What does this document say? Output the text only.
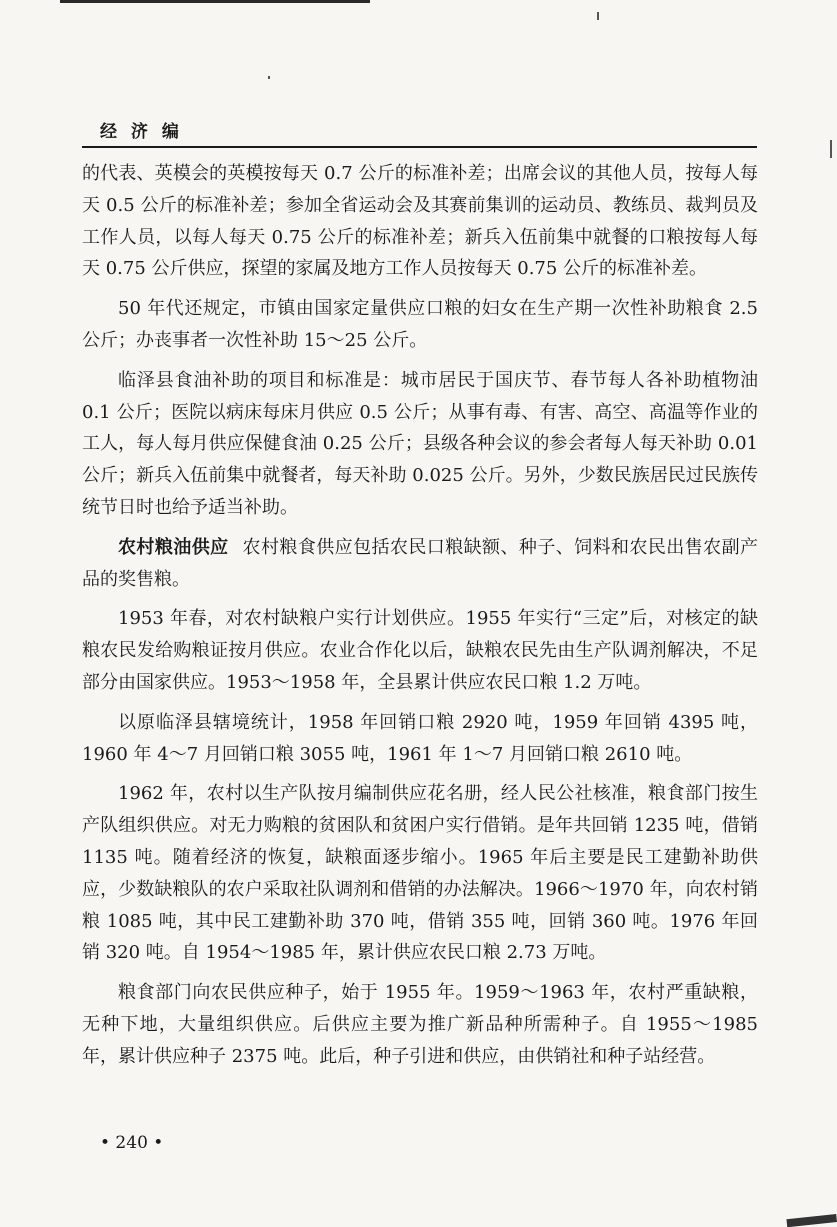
经 济 编

的代表、英模会的英模按每天 0.7 公斤的标准补差；出席会议的其他人员，按每人每天 0.5 公斤的标准补差；参加全省运动会及其赛前集训的运动员、教练员、裁判员及工作人员，以每人每天 0.75 公斤的标准补差；新兵入伍前集中就餐的口粮按每人每天 0.75 公斤供应，探望的家属及地方工作人员按每天 0.75 公斤的标准补差。

50 年代还规定，市镇由国家定量供应口粮的妇女在生产期一次性补助粮食 2.5 公斤；办丧事者一次性补助 15～25 公斤。

临泽县食油补助的项目和标准是：城市居民于国庆节、春节每人各补助植物油 0.1 公斤；医院以病床每床月供应 0.5 公斤；从事有毒、有害、高空、高温等作业的工人，每人每月供应保健食油 0.25 公斤；县级各种会议的参会者每人每天补助 0.01 公斤；新兵入伍前集中就餐者，每天补助 0.025 公斤。另外，少数民族居民过民族传统节日时也给予适当补助。

农村粮油供应 农村粮食供应包括农民口粮缺额、种子、饲料和农民出售农副产品的奖售粮。

1953 年春，对农村缺粮户实行计划供应。1955 年实行“三定”后，对核定的缺粮农民发给购粮证按月供应。农业合作化以后，缺粮农民先由生产队调剂解决，不足部分由国家供应。1953～1958 年，全县累计供应农民口粮 1.2 万吨。

以原临泽县辖境统计，1958 年回销口粮 2920 吨，1959 年回销 4395 吨，1960 年 4～7 月回销口粮 3055 吨，1961 年 1～7 月回销口粮 2610 吨。

1962 年，农村以生产队按月编制供应花名册，经人民公社核准，粮食部门按生产队组织供应。对无力购粮的贫困队和贫困户实行借销。是年共回销 1235 吨，借销 1135 吨。随着经济的恢复，缺粮面逐步缩小。1965 年后主要是民工建勤补助供应，少数缺粮队的农户采取社队调剂和借销的办法解决。1966～1970 年，向农村销粮 1085 吨，其中民工建勤补助 370 吨，借销 355 吨，回销 360 吨。1976 年回销 320 吨。自 1954～1985 年，累计供应农民口粮 2.73 万吨。

粮食部门向农民供应种子，始于 1955 年。1959～1963 年，农村严重缺粮，无种下地，大量组织供应。后供应主要为推广新品种所需种子。自 1955～1985 年，累计供应种子 2375 吨。此后，种子引进和供应，由供销社和种子站经营。

• 240 •
